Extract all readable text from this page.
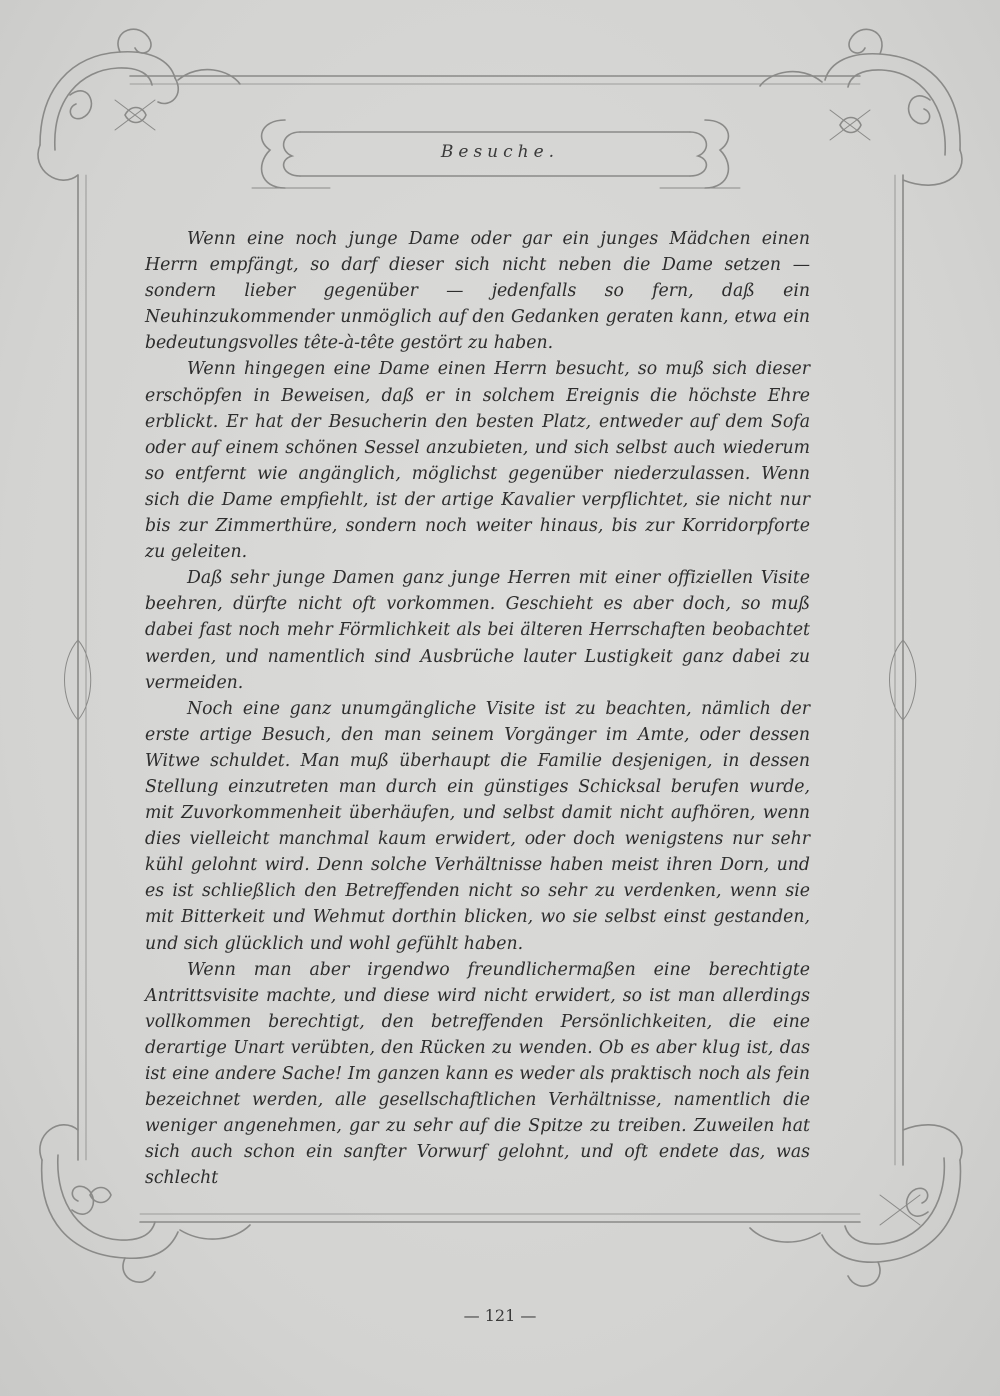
Besuche.

Wenn eine noch junge Dame oder gar ein junges Mädchen einen Herrn empfängt, so darf dieser sich nicht neben die Dame setzen — sondern lieber gegenüber — jedenfalls so fern, daß ein Neuhinzukommender unmöglich auf den Gedanken geraten kann, etwa ein bedeutungsvolles tête-à-tête gestört zu haben.

Wenn hingegen eine Dame einen Herrn besucht, so muß sich dieser erschöpfen in Beweisen, daß er in solchem Ereignis die höchste Ehre erblickt. Er hat der Besucherin den besten Platz, entweder auf dem Sofa oder auf einem schönen Sessel anzubieten, und sich selbst auch wiederum so entfernt wie angänglich, möglichst gegenüber niederzulassen. Wenn sich die Dame empfiehlt, ist der artige Kavalier verpflichtet, sie nicht nur bis zur Zimmerthüre, sondern noch weiter hinaus, bis zur Korridorpforte zu geleiten.

Daß sehr junge Damen ganz junge Herren mit einer offiziellen Visite beehren, dürfte nicht oft vorkommen. Geschieht es aber doch, so muß dabei fast noch mehr Förmlichkeit als bei älteren Herrschaften beobachtet werden, und namentlich sind Ausbrüche lauter Lustigkeit ganz dabei zu vermeiden.

Noch eine ganz unumgängliche Visite ist zu beachten, nämlich der erste artige Besuch, den man seinem Vorgänger im Amte, oder dessen Witwe schuldet. Man muß überhaupt die Familie desjenigen, in dessen Stellung einzutreten man durch ein günstiges Schicksal berufen wurde, mit Zuvorkommenheit überhäufen, und selbst damit nicht aufhören, wenn dies vielleicht manchmal kaum erwidert, oder doch wenigstens nur sehr kühl gelohnt wird. Denn solche Verhältnisse haben meist ihren Dorn, und es ist schließlich den Betreffenden nicht so sehr zu verdenken, wenn sie mit Bitterkeit und Wehmut dorthin blicken, wo sie selbst einst gestanden, und sich glücklich und wohl gefühlt haben.

Wenn man aber irgendwo freundlichermaßen eine berechtigte Antrittsvisite machte, und diese wird nicht erwidert, so ist man allerdings vollkommen berechtigt, den betreffenden Persönlichkeiten, die eine derartige Unart verübten, den Rücken zu wenden. Ob es aber klug ist, das ist eine andere Sache! Im ganzen kann es weder als praktisch noch als fein bezeichnet werden, alle gesellschaftlichen Verhältnisse, namentlich die weniger angenehmen, gar zu sehr auf die Spitze zu treiben. Zuweilen hat sich auch schon ein sanfter Vorwurf gelohnt, und oft endete das, was schlecht

— 121 —
